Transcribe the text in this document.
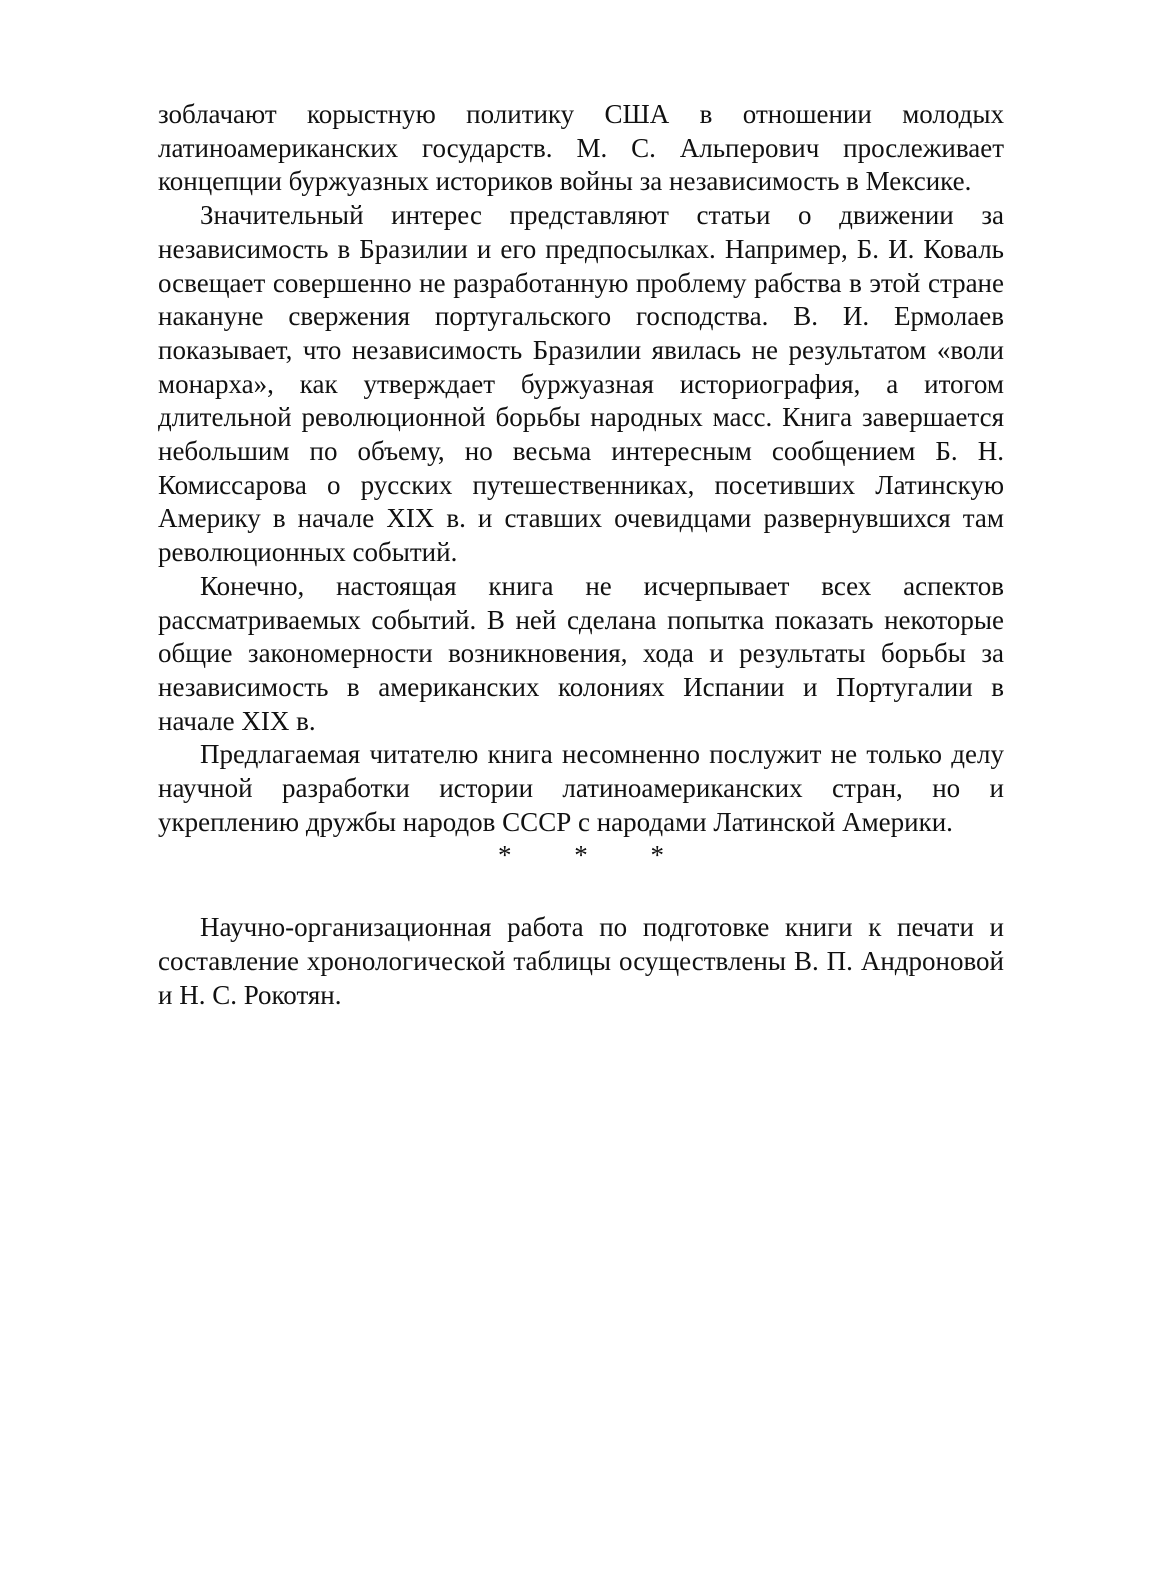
зоблачают корыстную политику США в отношении молодых латиноамериканских государств. М. С. Альперович прослеживает концепции буржуазных историков войны за независимость в Мексике.

Значительный интерес представляют статьи о движении за независимость в Бразилии и его предпосылках. Например, Б. И. Коваль освещает совершенно не разработанную проблему рабства в этой стране накануне свержения португальского господства. В. И. Ермолаев показывает, что независимость Бразилии явилась не результатом «воли монарха», как утверждает буржуазная историография, а итогом длительной революционной борьбы народных масс. Книга завершается небольшим по объему, но весьма интересным сообщением Б. Н. Комиссарова о русских путешественниках, посетивших Латинскую Америку в начале XIX в. и ставших очевидцами развернувшихся там революционных событий.

Конечно, настоящая книга не исчерпывает всех аспектов рассматриваемых событий. В ней сделана попытка показать некоторые общие закономерности возникновения, хода и результаты борьбы за независимость в американских колониях Испании и Португалии в начале XIX в.

Предлагаемая читателю книга несомненно послужит не только делу научной разработки истории латиноамериканских стран, но и укреплению дружбы народов СССР с народами Латинской Америки.

* * *

Научно-организационная работа по подготовке книги к печати и составление хронологической таблицы осуществлены В. П. Андроновой и Н. С. Рокотян.
